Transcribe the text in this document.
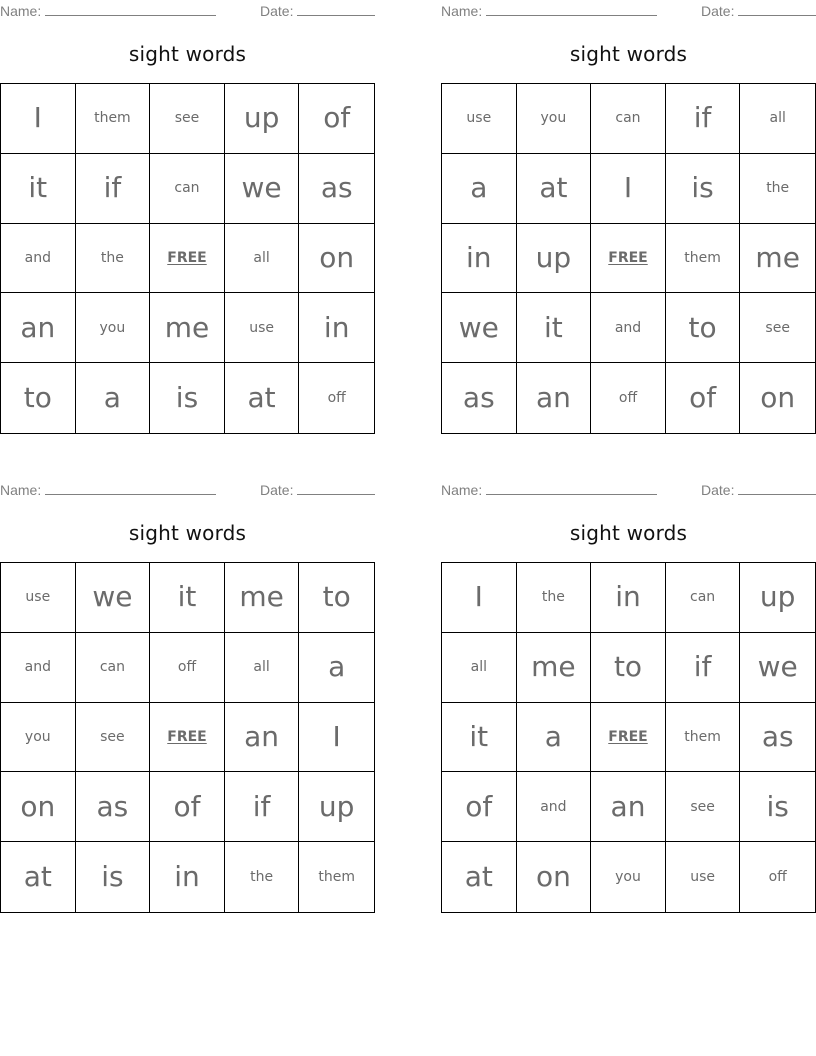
Name:	Date:
sight words
I	them	see	up	of
it	if	can	we	as
and	the	FREE	all	on
an	you	me	use	in
to	a	is	at	off
Name:	Date:
sight words
use	you	can	if	all
a	at	I	is	the
in	up	FREE	them	me
we	it	and	to	see
as	an	off	of	on
Name:	Date:
sight words
use	we	it	me	to
and	can	off	all	a
you	see	FREE	an	I
on	as	of	if	up
at	is	in	the	them
Name:	Date:
sight words
I	the	in	can	up
all	me	to	if	we
it	a	FREE	them	as
of	and	an	see	is
at	on	you	use	off
